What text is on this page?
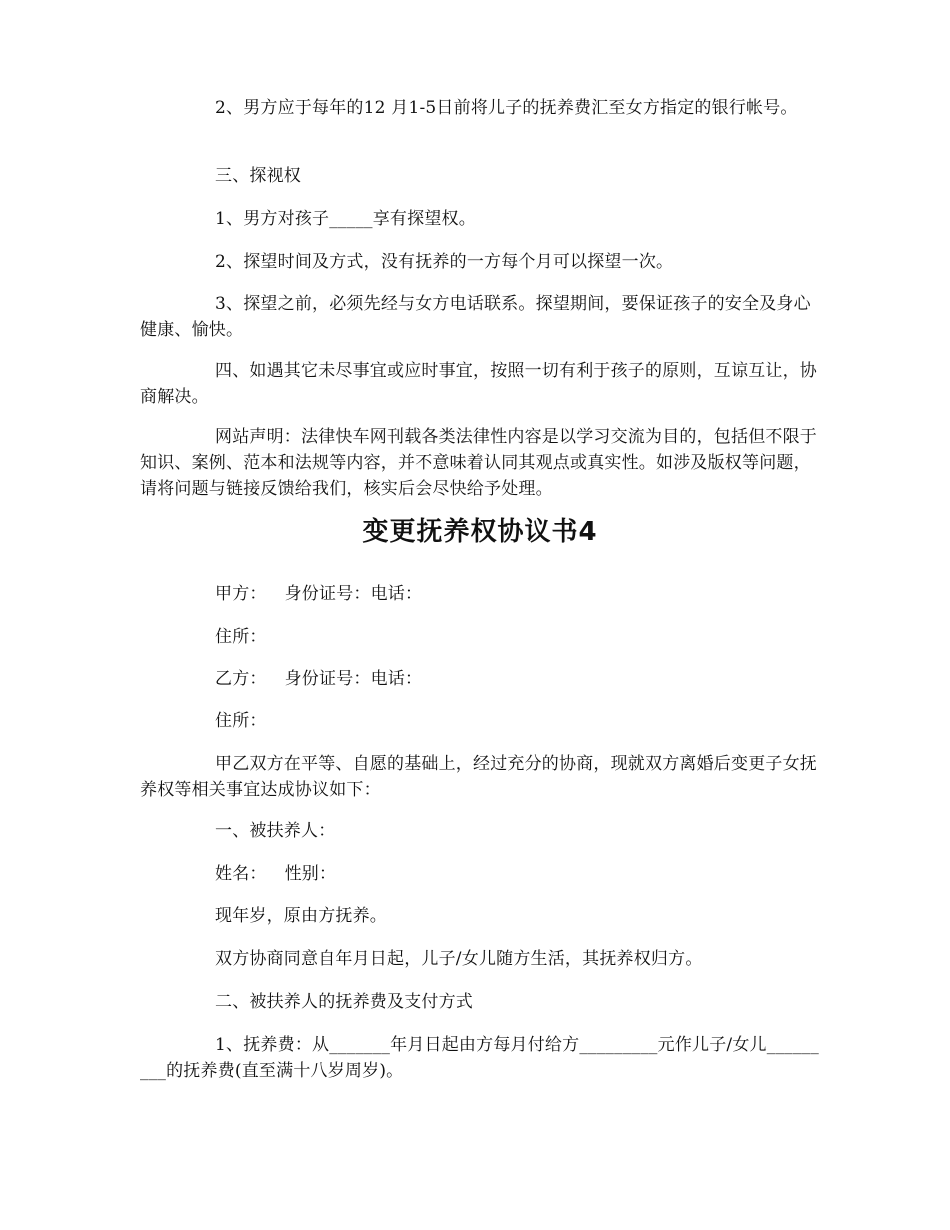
2、男方应于每年的12 月1-5日前将儿子的抚养费汇至女方指定的银行帐号。
三、探视权
1、男方对孩子_____享有探望权。
2、探望时间及方式，没有抚养的一方每个月可以探望一次。
3、探望之前，必须先经与女方电话联系。探望期间，要保证孩子的安全及身心健康、愉快。
四、如遇其它未尽事宜或应时事宜，按照一切有利于孩子的原则，互谅互让，协商解决。
网站声明：法律快车网刊载各类法律性内容是以学习交流为目的，包括但不限于知识、案例、范本和法规等内容，并不意味着认同其观点或真实性。如涉及版权等问题，请将问题与链接反馈给我们，核实后会尽快给予处理。
变更抚养权协议书4
甲方： 身份证号：电话：
住所：
乙方： 身份证号：电话：
住所：
甲乙双方在平等、自愿的基础上，经过充分的协商，现就双方离婚后变更子女抚养权等相关事宜达成协议如下：
一、被扶养人：
姓名： 性别：
现年岁，原由方抚养。
双方协商同意自年月日起，儿子/女儿随方生活，其抚养权归方。
二、被扶养人的抚养费及支付方式
1、抚养费：从_______年月日起由方每月付给方_________元作儿子/女儿_________的抚养费(直至满十八岁周岁)。
